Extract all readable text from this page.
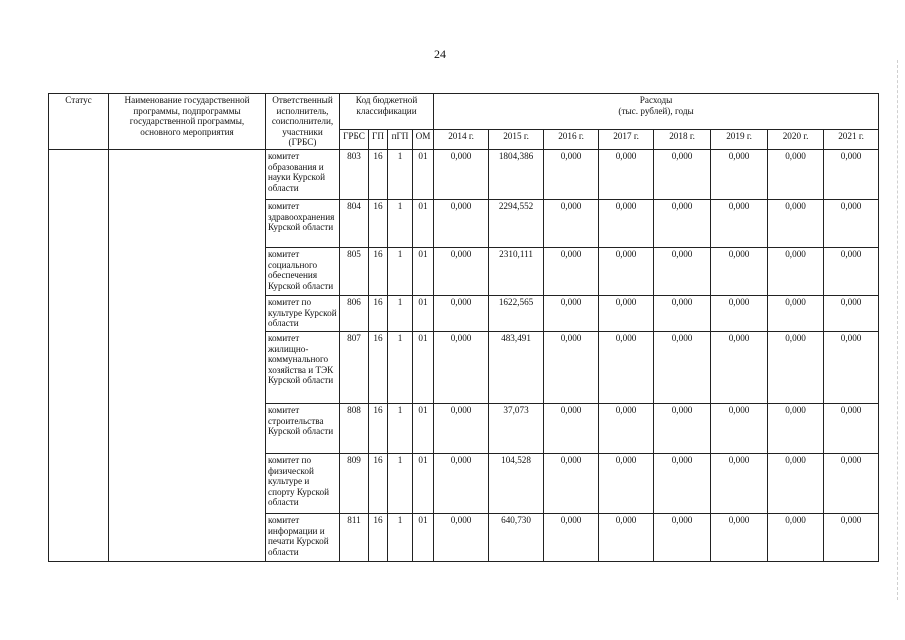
24
Статус	Наименование государственной программы, подпрограммы государственной программы, основного мероприятия	Ответственный исполнитель, соисполнители, участники (ГРБС)	Код бюджетной классификации				Расходы
(тыс. рублей), годы							
			ГРБС	ГП	пГП	ОМ	2014 г.	2015 г.	2016 г.	2017 г.	2018 г.	2019 г.	2020 г.	2021 г.
		комитет образования и науки Курской области	803	16	1	01	0,000	1804,386	0,000	0,000	0,000	0,000	0,000	0,000
		комитет здравоохранения Курской области	804	16	1	01	0,000	2294,552	0,000	0,000	0,000	0,000	0,000	0,000
		комитет социального обеспечения Курской области	805	16	1	01	0,000	2310,111	0,000	0,000	0,000	0,000	0,000	0,000
		комитет по культуре Курской области	806	16	1	01	0,000	1622,565	0,000	0,000	0,000	0,000	0,000	0,000
		комитет жилищно-коммунального хозяйства и ТЭК Курской области	807	16	1	01	0,000	483,491	0,000	0,000	0,000	0,000	0,000	0,000
		комитет строительства Курской области	808	16	1	01	0,000	37,073	0,000	0,000	0,000	0,000	0,000	0,000
		комитет по физической культуре и спорту Курской области	809	16	1	01	0,000	104,528	0,000	0,000	0,000	0,000	0,000	0,000
		комитет информации и печати Курской области	811	16	1	01	0,000	640,730	0,000	0,000	0,000	0,000	0,000	0,000
